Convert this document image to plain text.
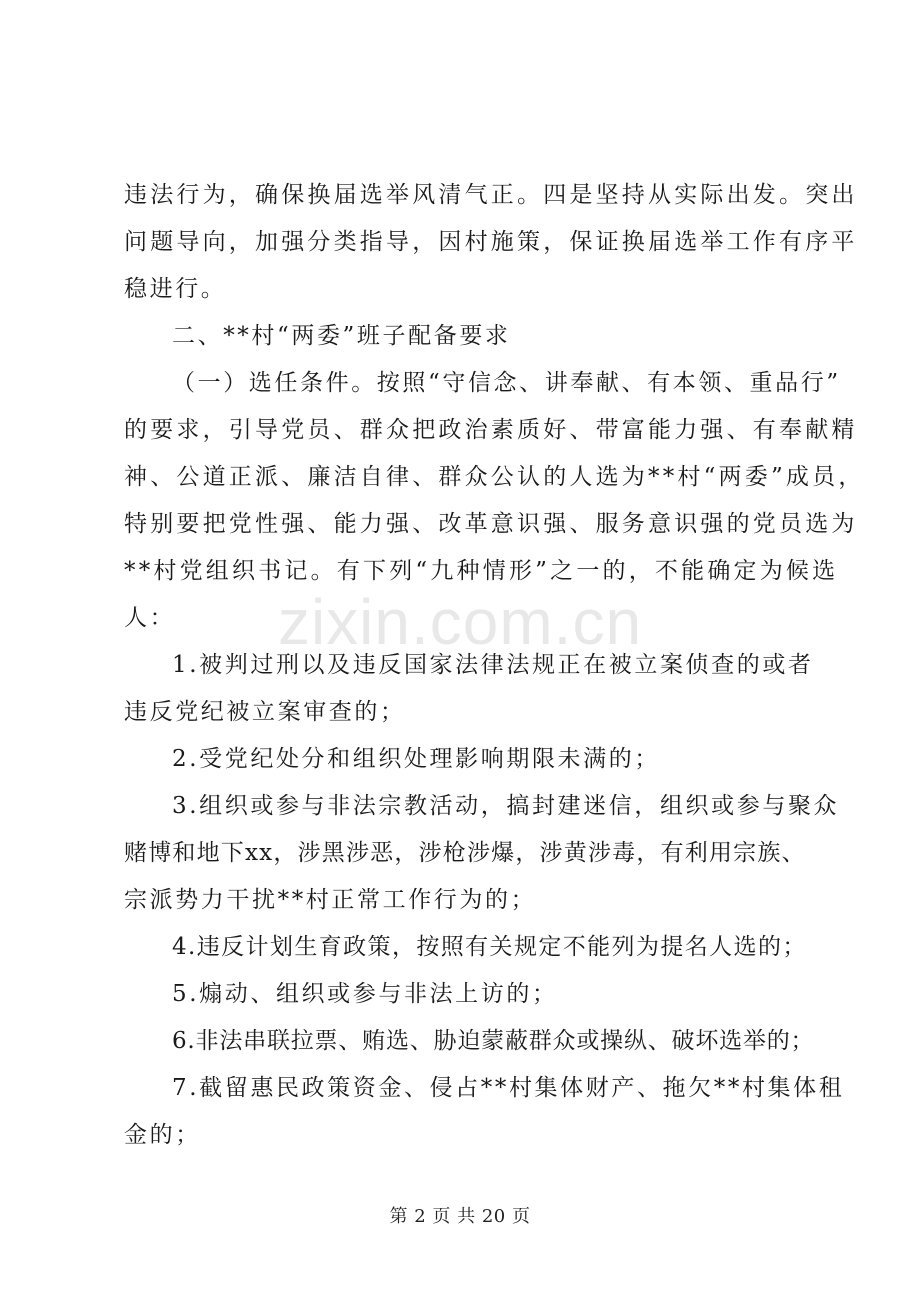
违法行为，确保换届选举风清气正。四是坚持从实际出发。突出
问题导向，加强分类指导，因村施策，保证换届选举工作有序平
稳进行。
二、**村“两委”班子配备要求
（一）选任条件。按照“守信念、讲奉献、有本领、重品行”
的要求，引导党员、群众把政治素质好、带富能力强、有奉献精
神、公道正派、廉洁自律、群众公认的人选为**村“两委”成员，
特别要把党性强、能力强、改革意识强、服务意识强的党员选为
**村党组织书记。有下列“九种情形”之一的，不能确定为候选
人：
1.被判过刑以及违反国家法律法规正在被立案侦查的或者
违反党纪被立案审查的；
2.受党纪处分和组织处理影响期限未满的；
3.组织或参与非法宗教活动，搞封建迷信，组织或参与聚众
赌博和地下xx，涉黑涉恶，涉枪涉爆，涉黄涉毒，有利用宗族、
宗派势力干扰**村正常工作行为的；
4.违反计划生育政策，按照有关规定不能列为提名人选的；
5.煽动、组织或参与非法上访的；
6.非法串联拉票、贿选、胁迫蒙蔽群众或操纵、破坏选举的；
7.截留惠民政策资金、侵占**村集体财产、拖欠**村集体租
金的；
zixin.com.cn
第 2 页 共 20 页
